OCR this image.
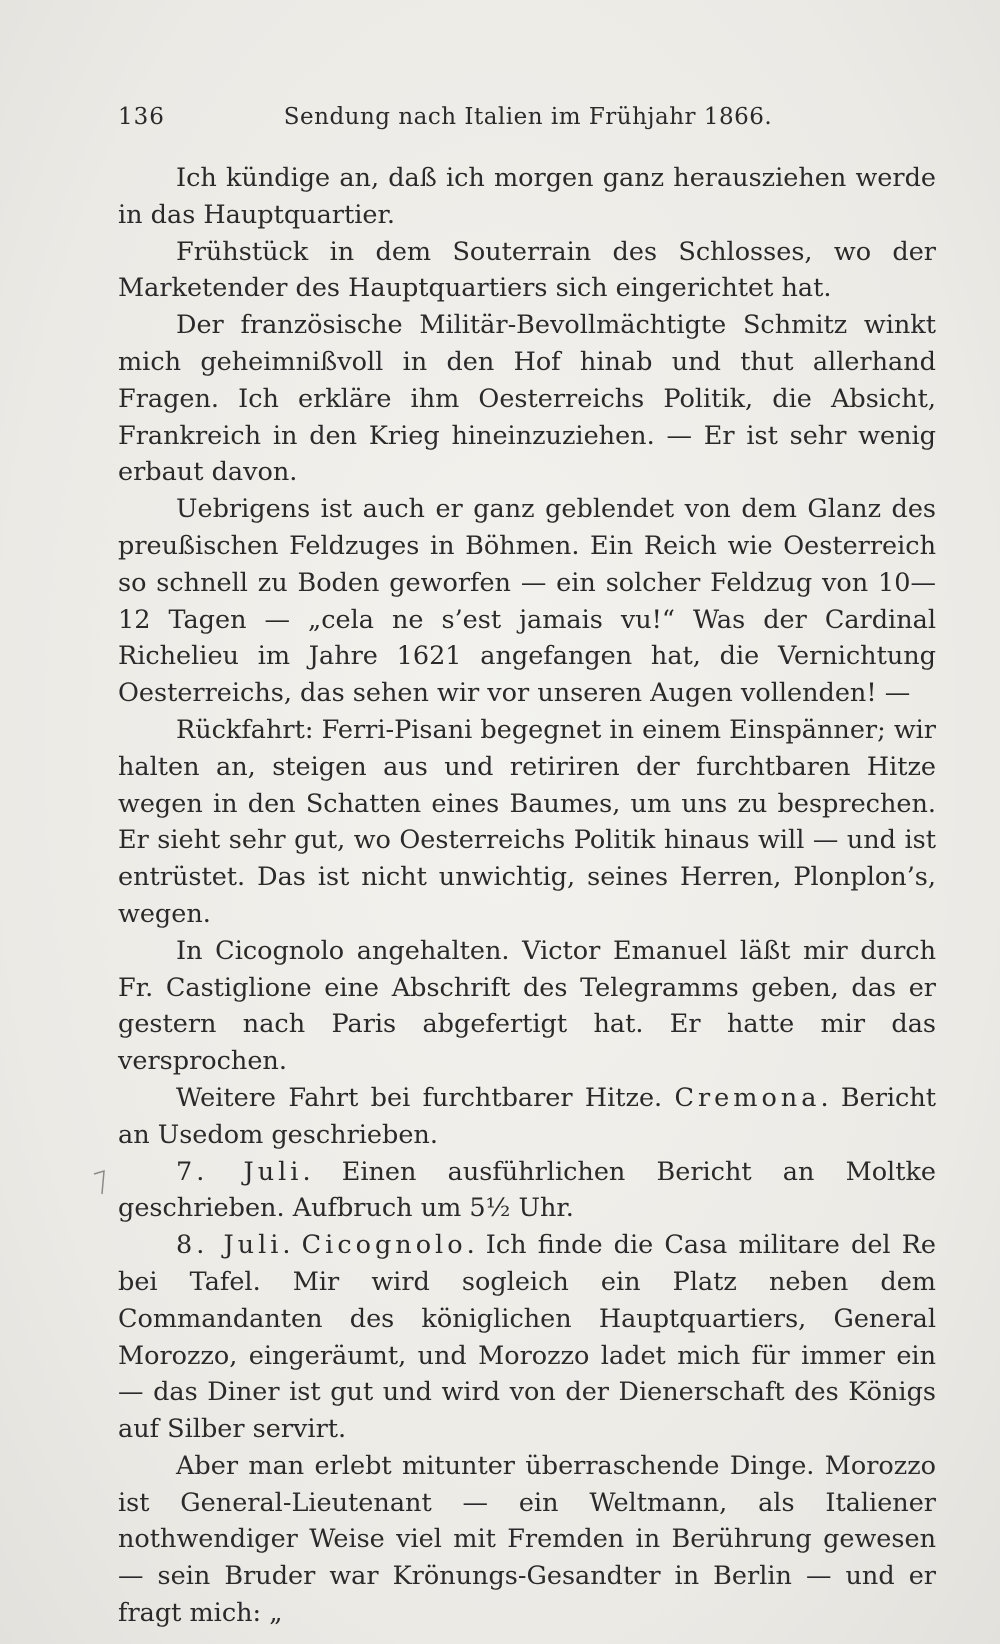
Sendung nach Italien im Frühjahr 1866.
136

Ich kündige an, daß ich morgen ganz herausziehen werde in das Hauptquartier.

Frühstück in dem Souterrain des Schlosses, wo der Marketender des Hauptquartiers sich eingerichtet hat.

Der französische Militär-Bevollmächtigte Schmitz winkt mich geheimnißvoll in den Hof hinab und thut allerhand Fragen. Ich erkläre ihm Oesterreichs Politik, die Absicht, Frankreich in den Krieg hineinzuziehen. — Er ist sehr wenig erbaut davon.

Uebrigens ist auch er ganz geblendet von dem Glanz des preußischen Feldzuges in Böhmen. Ein Reich wie Oesterreich so schnell zu Boden geworfen — ein solcher Feldzug von 10—12 Tagen — „cela ne s’est jamais vu!“ Was der Cardinal Richelieu im Jahre 1621 angefangen hat, die Vernichtung Oesterreichs, das sehen wir vor unseren Augen vollenden! —

Rückfahrt: Ferri-Pisani begegnet in einem Einspänner; wir halten an, steigen aus und retiriren der furchtbaren Hitze wegen in den Schatten eines Baumes, um uns zu besprechen. Er sieht sehr gut, wo Oesterreichs Politik hinaus will — und ist entrüstet. Das ist nicht unwichtig, seines Herren, Plonplon’s, wegen.

In Cicognolo angehalten. Victor Emanuel läßt mir durch Fr. Castiglione eine Abschrift des Telegramms geben, das er gestern nach Paris abgefertigt hat. Er hatte mir das versprochen.

Weitere Fahrt bei furchtbarer Hitze. Cremona. Bericht an Usedom geschrieben.

7. Juli. Einen ausführlichen Bericht an Moltke geschrieben. Aufbruch um 5½ Uhr.

8. Juli. Cicognolo. Ich finde die Casa militare del Re bei Tafel. Mir wird sogleich ein Platz neben dem Commandanten des königlichen Hauptquartiers, General Morozzo, eingeräumt, und Morozzo ladet mich für immer ein — das Diner ist gut und wird von der Dienerschaft des Königs auf Silber servirt.

Aber man erlebt mitunter überraschende Dinge. Morozzo ist General-Lieutenant — ein Weltmann, als Italiener nothwendiger Weise viel mit Fremden in Berührung gewesen — sein Bruder war Krönungs-Gesandter in Berlin — und er fragt mich: „
